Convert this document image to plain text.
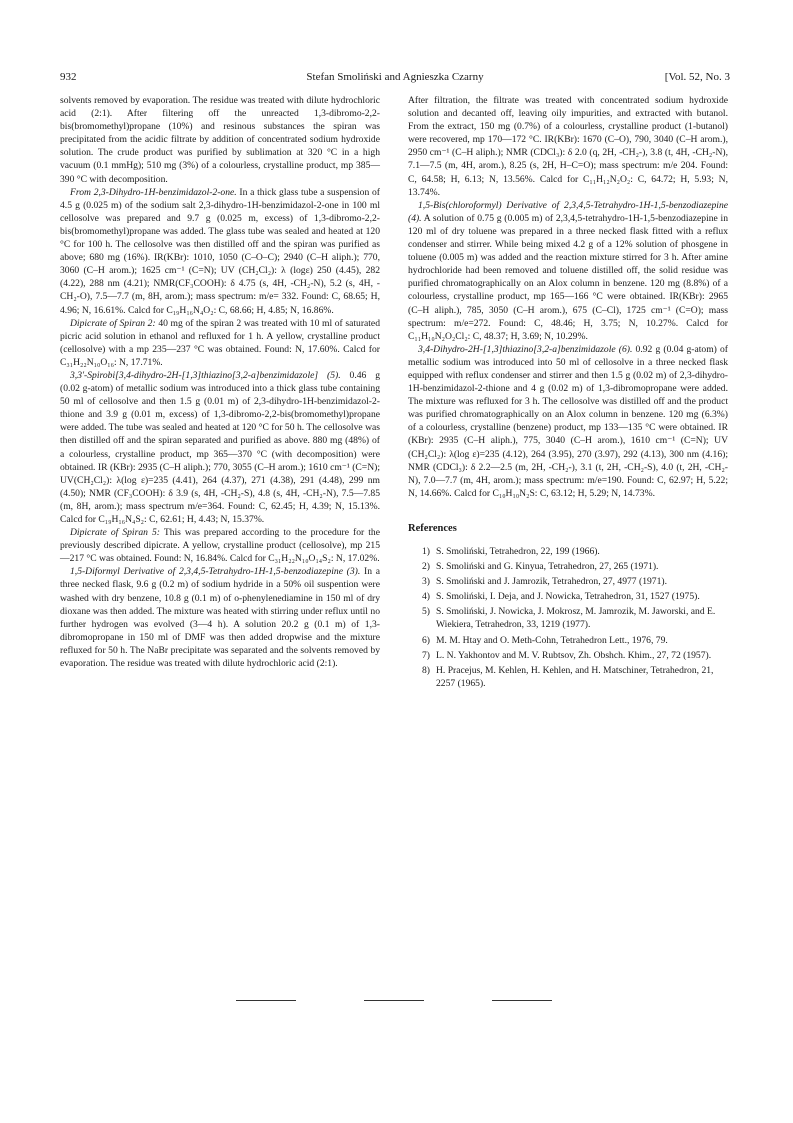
932	Stefan Smoliński and Agnieszka Czarny	[Vol. 52, No. 3

solvents removed by evaporation. The residue was treated with dilute hydrochloric acid (2:1). After filtering off the unreacted 1,3-dibromo-2,2-bis(bromomethyl)propane (10%) and resinous substances the spiran was precipitated from the acidic filtrate by addition of concentrated sodium hydroxide solution. The crude product was purified by sublimation at 320 °C in a high vacuum (0.1 mmHg); 510 mg (3%) of a colourless, crystalline product, mp 385—390 °C with decomposition.

From 2,3-Dihydro-1H-benzimidazol-2-one. In a thick glass tube a suspension of 4.5 g (0.025 m) of the sodium salt 2,3-dihydro-1H-benzimidazol-2-one in 100 ml cellosolve was prepared and 9.7 g (0.025 m, excess) of 1,3-dibromo-2,2-bis(bromomethyl)propane was added. The glass tube was sealed and heated at 120 °C for 100 h. The cellosolve was then distilled off and the spiran was purified as above; 680 mg (16%). IR(KBr): 1010, 1050 (C–O–C); 2940 (C–H aliph.); 770, 3060 (C–H arom.); 1625 cm⁻¹ (C=N); UV (CH₂Cl₂): λ (logε) 250 (4.45), 282 (4.22), 288 nm (4.21); NMR(CF₃COOH): δ 4.75 (s, 4H, -CH₂-N), 5.2 (s, 4H, -CH₂-O), 7.5—7.7 (m, 8H, arom.); mass spectrum: m/e= 332. Found: C, 68.65; H, 4.96; N, 16.61%. Calcd for C₁₉H₁₆N₄O₂: C, 68.66; H, 4.85; N, 16.86%.

Dipicrate of Spiran 2: 40 mg of the spiran 2 was treated with 10 ml of saturated picric acid solution in ethanol and refluxed for 1 h. A yellow, crystalline product (cellosolve) with a mp 235—237 °C was obtained. Found: N, 17.60%. Calcd for C₃₁H₂₂N₁₀O₁₆: N, 17.71%.

3,3'-Spirobi[3,4-dihydro-2H-[1,3]thiazino[3,2-a]benzimidazole] (5). 0.46 g (0.02 g-atom) of metallic sodium was introduced into a thick glass tube containing 50 ml of cellosolve and then 1.5 g (0.01 m) of 2,3-dihydro-1H-benzimidazol-2-thione and 3.9 g (0.01 m, excess) of 1,3-dibromo-2,2-bis(bromomethyl)propane were added. The tube was sealed and heated at 120 °C for 50 h. The cellosolve was then distilled off and the spiran separated and purified as above. 880 mg (48%) of a colourless, crystalline product, mp 365—370 °C (with decomposition) were obtained. IR (KBr): 2935 (C–H aliph.); 770, 3055 (C–H arom.); 1610 cm⁻¹ (C=N); UV(CH₂Cl₂): λ(log ε)=235 (4.41), 264 (4.37), 271 (4.38), 291 (4.48), 299 nm (4.50); NMR (CF₃COOH): δ 3.9 (s, 4H, -CH₂-S), 4.8 (s, 4H, -CH₂-N), 7.5—7.85 (m, 8H, arom.); mass spectrum m/e=364. Found: C, 62.45; H, 4.39; N, 15.13%. Calcd for C₁₉H₁₆N₄S₂: C, 62.61; H, 4.43; N, 15.37%.

Dipicrate of Spiran 5: This was prepared according to the procedure for the previously described dipicrate. A yellow, crystalline product (cellosolve), mp 215—217 °C was obtained. Found: N, 16.84%. Calcd for C₃₁H₂₂N₁₀O₁₄S₂: N, 17.02%.

1,5-Diformyl Derivative of 2,3,4,5-Tetrahydro-1H-1,5-benzodiazepine (3). In a three necked flask, 9.6 g (0.2 m) of sodium hydride in a 50% oil suspention were washed with dry benzene, 10.8 g (0.1 m) of o-phenylenediamine in 150 ml of dry dioxane was then added. The mixture was heated with stirring under reflux until no further hydrogen was evolved (3—4 h). A solution 20.2 g (0.1 m) of 1,3-dibromopropane in 150 ml of DMF was then added dropwise and the mixture refluxed for 50 h. The NaBr precipitate was separated and the solvents removed by evaporation. The residue was treated with dilute hydrochloric acid (2:1).

After filtration, the filtrate was treated with concentrated sodium hydroxide solution and decanted off, leaving oily impurities, and extracted with butanol. From the extract, 150 mg (0.7%) of a colourless, crystalline product (1-butanol) were recovered, mp 170—172 °C. IR(KBr): 1670 (C–O), 790, 3040 (C–H arom.), 2950 cm⁻¹ (C–H aliph.); NMR (CDCl₃): δ 2.0 (q, 2H, -CH₂-), 3.8 (t, 4H, -CH₂-N), 7.1—7.5 (m, 4H, arom.), 8.25 (s, 2H, H–C=O); mass spectrum: m/e 204. Found: C, 64.58; H, 6.13; N, 13.56%. Calcd for C₁₁H₁₂N₂O₂: C, 64.72; H, 5.93; N, 13.74%.

1,5-Bis(chloroformyl) Derivative of 2,3,4,5-Tetrahydro-1H-1,5-benzodiazepine (4). A solution of 0.75 g (0.005 m) of 2,3,4,5-tetrahydro-1H-1,5-benzodiazepine in 120 ml of dry toluene was prepared in a three necked flask fitted with a reflux condenser and stirrer. While being mixed 4.2 g of a 12% solution of phosgene in toluene (0.005 m) was added and the reaction mixture stirred for 3 h. After amine hydrochloride had been removed and toluene distilled off, the solid residue was purified chromatographically on an Alox column in benzene. 120 mg (8.8%) of a colourless, crystalline product, mp 165—166 °C were obtained. IR(KBr): 2965 (C–H aliph.), 785, 3050 (C–H arom.), 675 (C–Cl), 1725 cm⁻¹ (C=O); mass spectrum: m/e=272. Found: C, 48.46; H, 3.75; N, 10.27%. Calcd for C₁₁H₁₀N₂O₂Cl₂: C, 48.37; H, 3.69; N, 10.29%.

3,4-Dihydro-2H-[1,3]thiazino[3,2-a]benzimidazole (6). 0.92 g (0.04 g-atom) of metallic sodium was introduced into 50 ml of cellosolve in a three necked flask equipped with reflux condenser and stirrer and then 1.5 g (0.02 m) of 2,3-dihydro-1H-benzimidazol-2-thione and 4 g (0.02 m) of 1,3-dibromopropane were added. The mixture was refluxed for 3 h. The cellosolve was distilled off and the product was purified chromatographically on an Alox column in benzene. 120 mg (6.3%) of a colourless, crystalline (benzene) product, mp 133—135 °C were obtained. IR (KBr): 2935 (C–H aliph.), 775, 3040 (C–H arom.), 1610 cm⁻¹ (C=N); UV (CH₂Cl₂): λ(log ε)=235 (4.12), 264 (3.95), 270 (3.97), 292 (4.13), 300 nm (4.16); NMR (CDCl₃): δ 2.2—2.5 (m, 2H, -CH₂-), 3.1 (t, 2H, -CH₂-S), 4.0 (t, 2H, -CH₂-N), 7.0—7.7 (m, 4H, arom.); mass spectrum: m/e=190. Found: C, 62.97; H, 5.22; N, 14.66%. Calcd for C₁₀H₁₀N₂S: C, 63.12; H, 5.29; N, 14.73%.

References
1) S. Smoliński, Tetrahedron, 22, 199 (1966).
2) S. Smoliński and G. Kinyua, Tetrahedron, 27, 265 (1971).
3) S. Smoliński and J. Jamrozik, Tetrahedron, 27, 4977 (1971).
4) S. Smoliński, I. Deja, and J. Nowicka, Tetrahedron, 31, 1527 (1975).
5) S. Smoliński, J. Nowicka, J. Mokrosz, M. Jamrozik, M. Jaworski, and E. Wiekiera, Tetrahedron, 33, 1219 (1977).
6) M. M. Htay and O. Meth-Cohn, Tetrahedron Lett., 1976, 79.
7) L. N. Yakhontov and M. V. Rubtsov, Zh. Obshch. Khim., 27, 72 (1957).
8) H. Pracejus, M. Kehlen, H. Kehlen, and H. Matschiner, Tetrahedron, 21, 2257 (1965).
